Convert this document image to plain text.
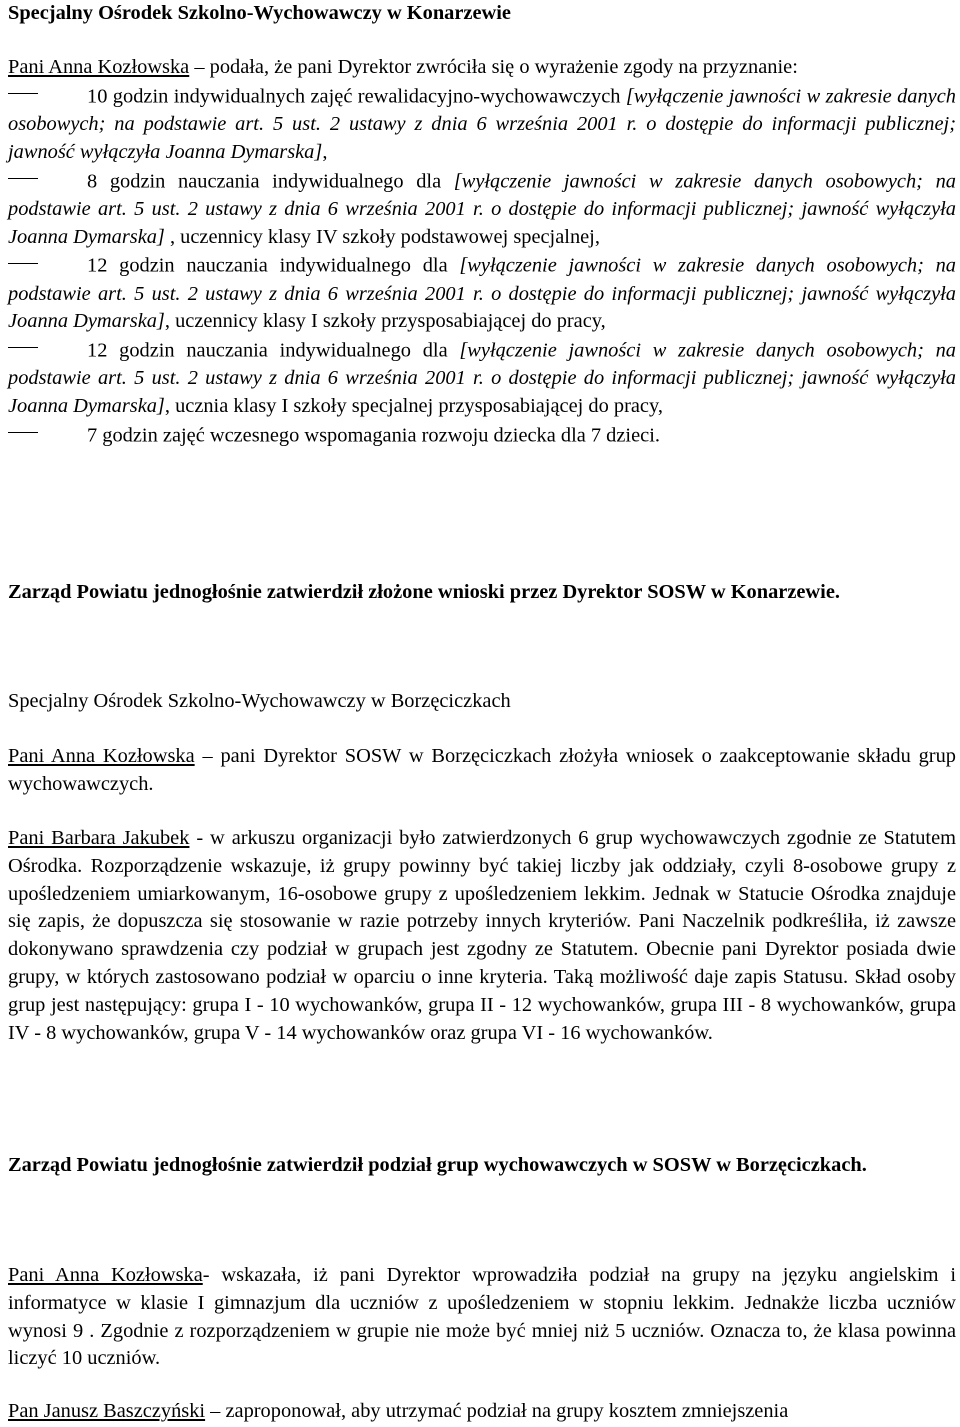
Specjalny Ośrodek Szkolno-Wychowawczy w Konarzewie

Pani Anna Kozłowska – podała, że pani Dyrektor zwróciła się o wyrażenie zgody na przyznanie:

10 godzin indywidualnych zajęć rewalidacyjno-wychowawczych [wyłączenie jawności w zakresie danych osobowych; na podstawie art. 5 ust. 2 ustawy z dnia 6 września 2001 r. o dostępie do informacji publicznej; jawność wyłączyła Joanna Dymarska],
8 godzin nauczania indywidualnego dla [wyłączenie jawności w zakresie danych osobowych; na podstawie art. 5 ust. 2 ustawy z dnia 6 września 2001 r. o dostępie do informacji publicznej; jawność wyłączyła Joanna Dymarska] , uczennicy klasy IV szkoły podstawowej specjalnej,
12 godzin nauczania indywidualnego dla [wyłączenie jawności w zakresie danych osobowych; na podstawie art. 5 ust. 2 ustawy z dnia 6 września 2001 r. o dostępie do informacji publicznej; jawność wyłączyła Joanna Dymarska], uczennicy klasy I szkoły przysposabiającej do pracy,
12 godzin nauczania indywidualnego dla [wyłączenie jawności w zakresie danych osobowych; na podstawie art. 5 ust. 2 ustawy z dnia 6 września 2001 r. o dostępie do informacji publicznej; jawność wyłączyła Joanna Dymarska], ucznia klasy I szkoły specjalnej przysposabiającej do pracy,
7 godzin zajęć wczesnego wspomagania rozwoju dziecka dla 7 dzieci.

Zarząd Powiatu jednogłośnie zatwierdził złożone wnioski przez Dyrektor SOSW w Konarzewie.

Specjalny Ośrodek Szkolno-Wychowawczy w Borzęciczkach

Pani Anna Kozłowska – pani Dyrektor SOSW w Borzęciczkach złożyła wniosek o zaakceptowanie składu grup wychowawczych.

Pani Barbara Jakubek - w arkuszu organizacji było zatwierdzonych 6 grup wychowawczych zgodnie ze Statutem Ośrodka. Rozporządzenie wskazuje, iż grupy powinny być takiej liczby jak oddziały, czyli 8-osobowe grupy z upośledzeniem umiarkowanym, 16-osobowe grupy z upośledzeniem lekkim. Jednak w Statucie Ośrodka znajduje się zapis, że dopuszcza się stosowanie w razie potrzeby innych kryteriów. Pani Naczelnik podkreśliła, iż zawsze dokonywano sprawdzenia czy podział w grupach jest zgodny ze Statutem. Obecnie pani Dyrektor posiada dwie grupy, w których zastosowano podział w oparciu o inne kryteria. Taką możliwość daje zapis Statusu. Skład osoby grup jest następujący: grupa I - 10 wychowanków, grupa II - 12 wychowanków, grupa III - 8 wychowanków, grupa IV - 8 wychowanków, grupa V - 14 wychowanków oraz grupa VI - 16 wychowanków.

Zarząd Powiatu jednogłośnie zatwierdził podział grup wychowawczych w SOSW w Borzęciczkach.

Pani Anna Kozłowska- wskazała, iż pani Dyrektor wprowadziła podział na grupy na języku angielskim i informatyce w klasie I gimnazjum dla uczniów z upośledzeniem w stopniu lekkim. Jednakże liczba uczniów wynosi 9 . Zgodnie z rozporządzeniem w grupie nie może być mniej niż 5 uczniów. Oznacza to, że klasa powinna liczyć 10 uczniów.

Pan Janusz Baszczyński – zaproponował, aby utrzymać podział na grupy kosztem zmniejszenia
